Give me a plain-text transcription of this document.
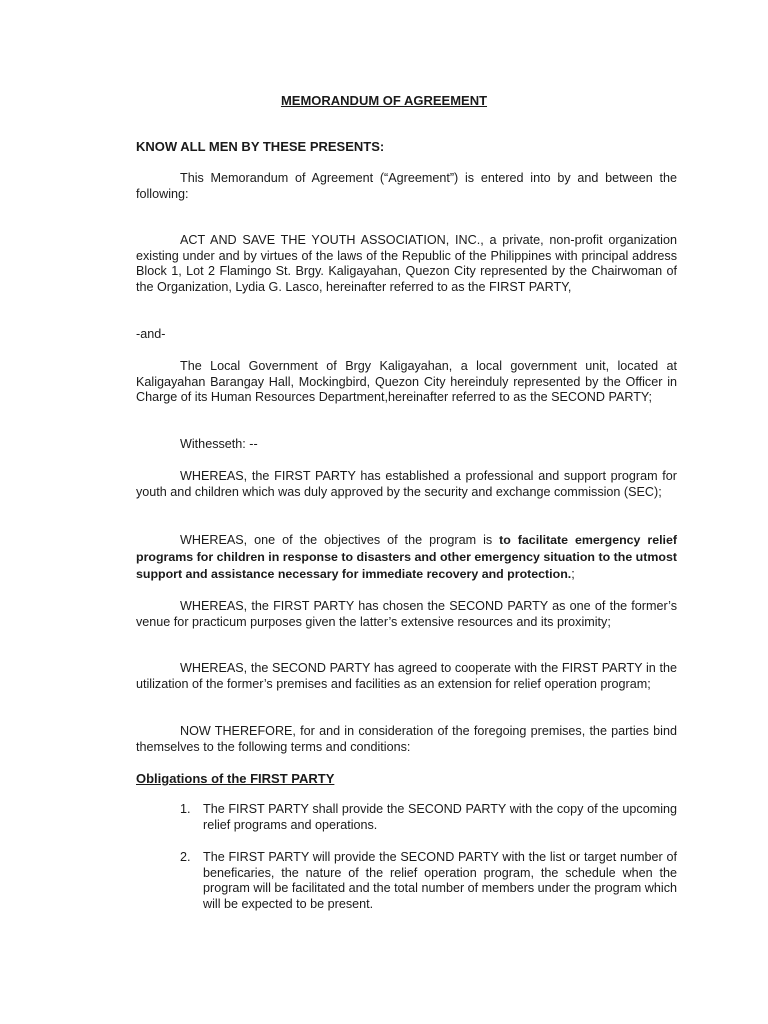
MEMORANDUM OF AGREEMENT
KNOW ALL MEN BY THESE PRESENTS:

This Memorandum of Agreement (“Agreement”) is entered into by and between the following:

ACT AND SAVE THE YOUTH ASSOCIATION, INC., a private, non-profit organization existing under and by virtues of the laws of the Republic of the Philippines with principal address Block 1, Lot 2 Flamingo St. Brgy. Kaligayahan, Quezon City represented by the Chairwoman of the Organization, Lydia G. Lasco, hereinafter referred to as the FIRST PARTY,

-and-

The Local Government of Brgy Kaligayahan, a local government unit, located at Kaligayahan Barangay Hall, Mockingbird, Quezon City hereinduly represented by the Officer in Charge of its Human Resources Department,hereinafter referred to as the SECOND PARTY;

Withesseth: --

WHEREAS, the FIRST PARTY has established a professional and support program for youth and children which was duly approved by the security and exchange commission (SEC);

WHEREAS, one of the objectives of the program is to facilitate emergency relief programs for children in response to disasters and other emergency situation to the utmost support and assistance necessary for immediate recovery and protection.;

WHEREAS, the FIRST PARTY has chosen the SECOND PARTY as one of the former’s venue for practicum purposes given the latter’s extensive resources and its proximity;

WHEREAS, the SECOND PARTY has agreed to cooperate with the FIRST PARTY in the utilization of the former’s premises and facilities as an extension for relief operation program;

NOW THEREFORE, for and in consideration of the foregoing premises, the parties bind themselves to the following terms and conditions:

Obligations of the FIRST PARTY
1. The FIRST PARTY shall provide the SECOND PARTY with the copy of the upcoming relief programs and operations.
2. The FIRST PARTY will provide the SECOND PARTY with the list or target number of beneficaries, the nature of the relief operation program, the schedule when the program will be facilitated and the total number of members under the program which will be expected to be present.
